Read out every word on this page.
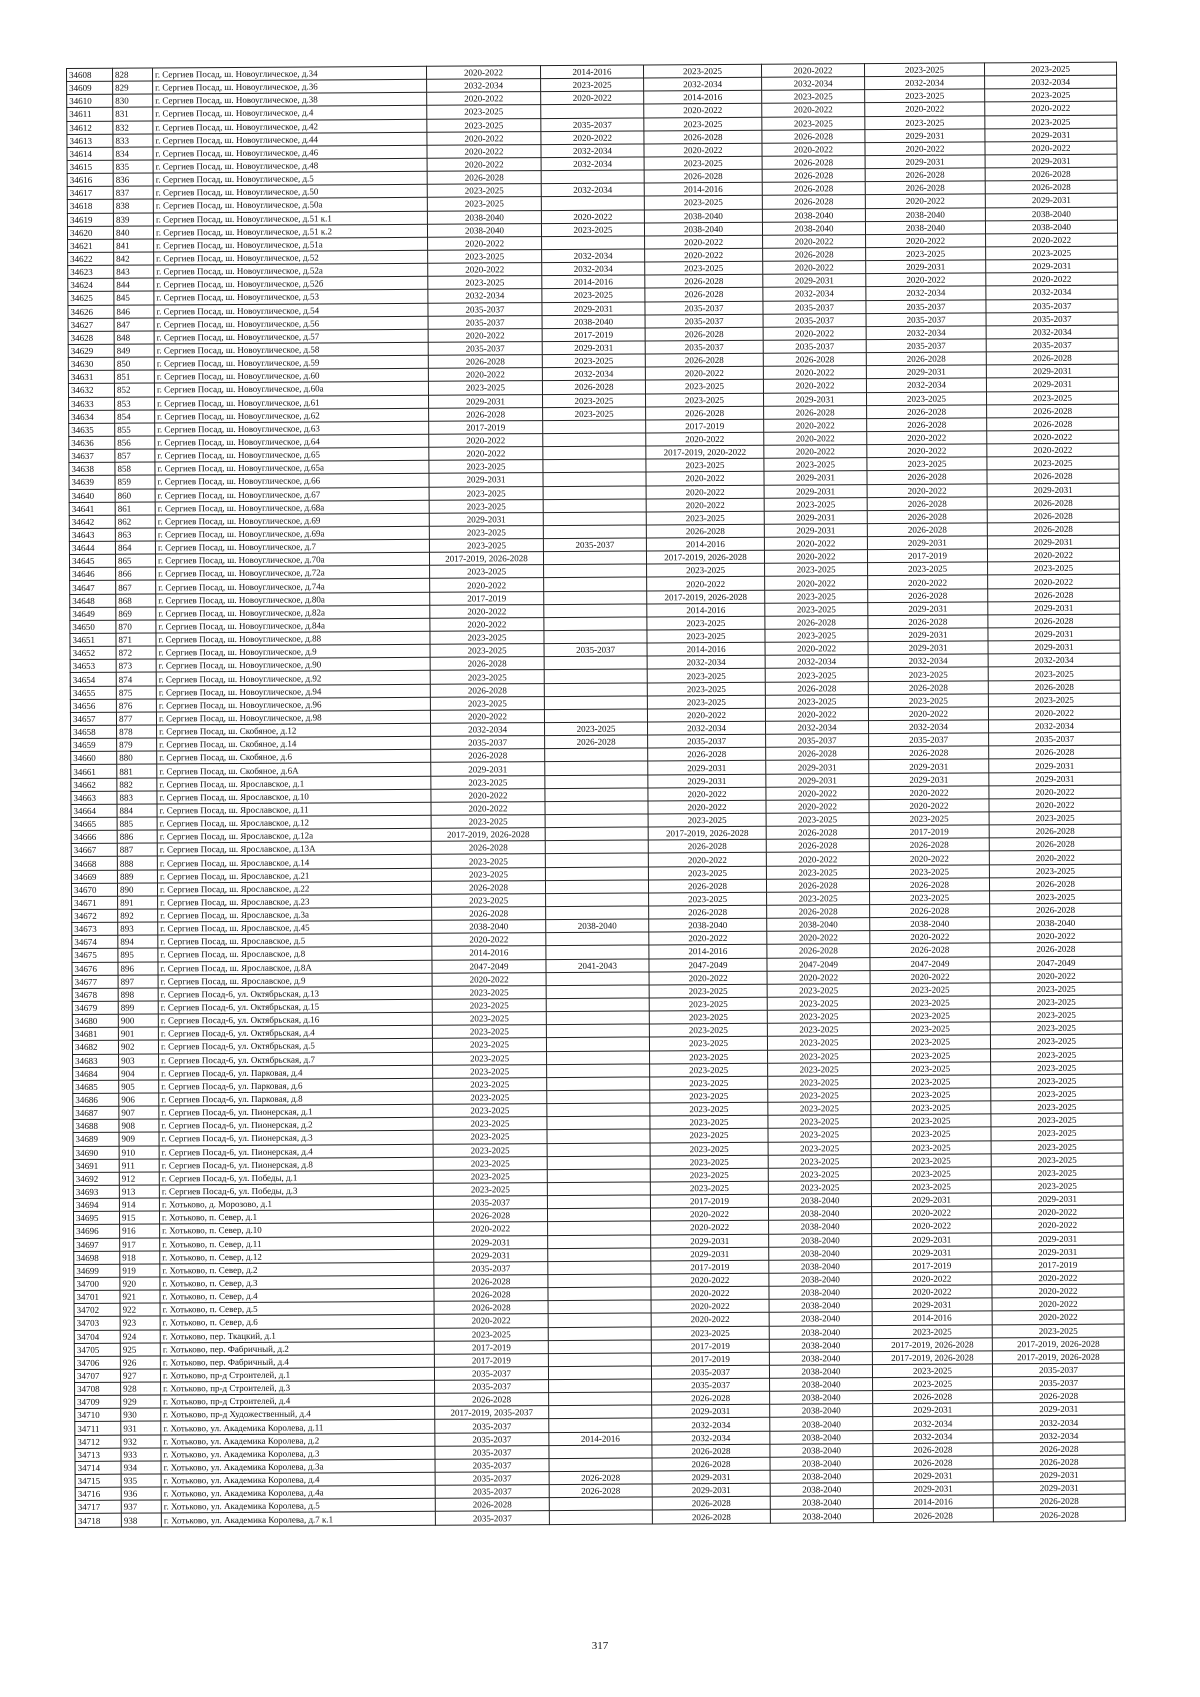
34608	828	г. Сергиев Посад, ш. Новоуглическое, д.34	2020-2022	2014-2016	2023-2025	2020-2022	2023-2025	2023-2025
34609	829	г. Сергиев Посад, ш. Новоуглическое, д.36	2032-2034	2023-2025	2032-2034	2032-2034	2032-2034	2032-2034
34610	830	г. Сергиев Посад, ш. Новоуглическое, д.38	2020-2022	2020-2022	2014-2016	2023-2025	2023-2025	2023-2025
34611	831	г. Сергиев Посад, ш. Новоуглическое, д.4	2023-2025		2020-2022	2020-2022	2020-2022	2020-2022
34612	832	г. Сергиев Посад, ш. Новоуглическое, д.42	2023-2025	2035-2037	2023-2025	2023-2025	2023-2025	2023-2025
34613	833	г. Сергиев Посад, ш. Новоуглическое, д.44	2020-2022	2020-2022	2026-2028	2026-2028	2029-2031	2029-2031
34614	834	г. Сергиев Посад, ш. Новоуглическое, д.46	2020-2022	2032-2034	2020-2022	2020-2022	2020-2022	2020-2022
34615	835	г. Сергиев Посад, ш. Новоуглическое, д.48	2020-2022	2032-2034	2023-2025	2026-2028	2029-2031	2029-2031
34616	836	г. Сергиев Посад, ш. Новоуглическое, д.5	2026-2028		2026-2028	2026-2028	2026-2028	2026-2028
34617	837	г. Сергиев Посад, ш. Новоуглическое, д.50	2023-2025	2032-2034	2014-2016	2026-2028	2026-2028	2026-2028
34618	838	г. Сергиев Посад, ш. Новоуглическое, д.50а	2023-2025		2023-2025	2026-2028	2020-2022	2029-2031
34619	839	г. Сергиев Посад, ш. Новоуглическое, д.51 к.1	2038-2040	2020-2022	2038-2040	2038-2040	2038-2040	2038-2040
34620	840	г. Сергиев Посад, ш. Новоуглическое, д.51 к.2	2038-2040	2023-2025	2038-2040	2038-2040	2038-2040	2038-2040
34621	841	г. Сергиев Посад, ш. Новоуглическое, д.51а	2020-2022		2020-2022	2020-2022	2020-2022	2020-2022
34622	842	г. Сергиев Посад, ш. Новоуглическое, д.52	2023-2025	2032-2034	2020-2022	2026-2028	2023-2025	2023-2025
34623	843	г. Сергиев Посад, ш. Новоуглическое, д.52а	2020-2022	2032-2034	2023-2025	2020-2022	2029-2031	2029-2031
34624	844	г. Сергиев Посад, ш. Новоуглическое, д.52б	2023-2025	2014-2016	2026-2028	2029-2031	2020-2022	2020-2022
34625	845	г. Сергиев Посад, ш. Новоуглическое, д.53	2032-2034	2023-2025	2026-2028	2032-2034	2032-2034	2032-2034
34626	846	г. Сергиев Посад, ш. Новоуглическое, д.54	2035-2037	2029-2031	2035-2037	2035-2037	2035-2037	2035-2037
34627	847	г. Сергиев Посад, ш. Новоуглическое, д.56	2035-2037	2038-2040	2035-2037	2035-2037	2035-2037	2035-2037
34628	848	г. Сергиев Посад, ш. Новоуглическое, д.57	2020-2022	2017-2019	2026-2028	2020-2022	2032-2034	2032-2034
34629	849	г. Сергиев Посад, ш. Новоуглическое, д.58	2035-2037	2029-2031	2035-2037	2035-2037	2035-2037	2035-2037
34630	850	г. Сергиев Посад, ш. Новоуглическое, д.59	2026-2028	2023-2025	2026-2028	2026-2028	2026-2028	2026-2028
34631	851	г. Сергиев Посад, ш. Новоуглическое, д.60	2020-2022	2032-2034	2020-2022	2020-2022	2029-2031	2029-2031
34632	852	г. Сергиев Посад, ш. Новоуглическое, д.60а	2023-2025	2026-2028	2023-2025	2020-2022	2032-2034	2029-2031
34633	853	г. Сергиев Посад, ш. Новоуглическое, д.61	2029-2031	2023-2025	2023-2025	2029-2031	2023-2025	2023-2025
34634	854	г. Сергиев Посад, ш. Новоуглическое, д.62	2026-2028	2023-2025	2026-2028	2026-2028	2026-2028	2026-2028
34635	855	г. Сергиев Посад, ш. Новоуглическое, д.63	2017-2019		2017-2019	2020-2022	2026-2028	2026-2028
34636	856	г. Сергиев Посад, ш. Новоуглическое, д.64	2020-2022		2020-2022	2020-2022	2020-2022	2020-2022
34637	857	г. Сергиев Посад, ш. Новоуглическое, д.65	2020-2022		2017-2019, 2020-2022	2020-2022	2020-2022	2020-2022
34638	858	г. Сергиев Посад, ш. Новоуглическое, д.65а	2023-2025		2023-2025	2023-2025	2023-2025	2023-2025
34639	859	г. Сергиев Посад, ш. Новоуглическое, д.66	2029-2031		2020-2022	2029-2031	2026-2028	2026-2028
34640	860	г. Сергиев Посад, ш. Новоуглическое, д.67	2023-2025		2020-2022	2029-2031	2020-2022	2029-2031
34641	861	г. Сергиев Посад, ш. Новоуглическое, д.68а	2023-2025		2020-2022	2023-2025	2026-2028	2026-2028
34642	862	г. Сергиев Посад, ш. Новоуглическое, д.69	2029-2031		2023-2025	2029-2031	2026-2028	2026-2028
34643	863	г. Сергиев Посад, ш. Новоуглическое, д.69а	2023-2025		2026-2028	2029-2031	2026-2028	2026-2028
34644	864	г. Сергиев Посад, ш. Новоуглическое, д.7	2023-2025	2035-2037	2014-2016	2020-2022	2029-2031	2029-2031
34645	865	г. Сергиев Посад, ш. Новоуглическое, д.70а	2017-2019, 2026-2028		2017-2019, 2026-2028	2020-2022	2017-2019	2020-2022
34646	866	г. Сергиев Посад, ш. Новоуглическое, д.72а	2023-2025		2023-2025	2023-2025	2023-2025	2023-2025
34647	867	г. Сергиев Посад, ш. Новоуглическое, д.74а	2020-2022		2020-2022	2020-2022	2020-2022	2020-2022
34648	868	г. Сергиев Посад, ш. Новоуглическое, д.80а	2017-2019		2017-2019, 2026-2028	2023-2025	2026-2028	2026-2028
34649	869	г. Сергиев Посад, ш. Новоуглическое, д.82а	2020-2022		2014-2016	2023-2025	2029-2031	2029-2031
34650	870	г. Сергиев Посад, ш. Новоуглическое, д.84а	2020-2022		2023-2025	2026-2028	2026-2028	2026-2028
34651	871	г. Сергиев Посад, ш. Новоуглическое, д.88	2023-2025		2023-2025	2023-2025	2029-2031	2029-2031
34652	872	г. Сергиев Посад, ш. Новоуглическое, д.9	2023-2025	2035-2037	2014-2016	2020-2022	2029-2031	2029-2031
34653	873	г. Сергиев Посад, ш. Новоуглическое, д.90	2026-2028		2032-2034	2032-2034	2032-2034	2032-2034
34654	874	г. Сергиев Посад, ш. Новоуглическое, д.92	2023-2025		2023-2025	2023-2025	2023-2025	2023-2025
34655	875	г. Сергиев Посад, ш. Новоуглическое, д.94	2026-2028		2023-2025	2026-2028	2026-2028	2026-2028
34656	876	г. Сергиев Посад, ш. Новоуглическое, д.96	2023-2025		2023-2025	2023-2025	2023-2025	2023-2025
34657	877	г. Сергиев Посад, ш. Новоуглическое, д.98	2020-2022		2020-2022	2020-2022	2020-2022	2020-2022
34658	878	г. Сергиев Посад, ш. Скобяное, д.12	2032-2034	2023-2025	2032-2034	2032-2034	2032-2034	2032-2034
34659	879	г. Сергиев Посад, ш. Скобяное, д.14	2035-2037	2026-2028	2035-2037	2035-2037	2035-2037	2035-2037
34660	880	г. Сергиев Посад, ш. Скобяное, д.6	2026-2028		2026-2028	2026-2028	2026-2028	2026-2028
34661	881	г. Сергиев Посад, ш. Скобяное, д.6А	2029-2031		2029-2031	2029-2031	2029-2031	2029-2031
34662	882	г. Сергиев Посад, ш. Ярославское, д.1	2023-2025		2029-2031	2029-2031	2029-2031	2029-2031
34663	883	г. Сергиев Посад, ш. Ярославское, д.10	2020-2022		2020-2022	2020-2022	2020-2022	2020-2022
34664	884	г. Сергиев Посад, ш. Ярославское, д.11	2020-2022		2020-2022	2020-2022	2020-2022	2020-2022
34665	885	г. Сергиев Посад, ш. Ярославское, д.12	2023-2025		2023-2025	2023-2025	2023-2025	2023-2025
34666	886	г. Сергиев Посад, ш. Ярославское, д.12а	2017-2019, 2026-2028		2017-2019, 2026-2028	2026-2028	2017-2019	2026-2028
34667	887	г. Сергиев Посад, ш. Ярославское, д.13А	2026-2028		2026-2028	2026-2028	2026-2028	2026-2028
34668	888	г. Сергиев Посад, ш. Ярославское, д.14	2023-2025		2020-2022	2020-2022	2020-2022	2020-2022
34669	889	г. Сергиев Посад, ш. Ярославское, д.21	2023-2025		2023-2025	2023-2025	2023-2025	2023-2025
34670	890	г. Сергиев Посад, ш. Ярославское, д.22	2026-2028		2026-2028	2026-2028	2026-2028	2026-2028
34671	891	г. Сергиев Посад, ш. Ярославское, д.23	2023-2025		2023-2025	2023-2025	2023-2025	2023-2025
34672	892	г. Сергиев Посад, ш. Ярославское, д.3а	2026-2028		2026-2028	2026-2028	2026-2028	2026-2028
34673	893	г. Сергиев Посад, ш. Ярославское, д.45	2038-2040	2038-2040	2038-2040	2038-2040	2038-2040	2038-2040
34674	894	г. Сергиев Посад, ш. Ярославское, д.5	2020-2022		2020-2022	2020-2022	2020-2022	2020-2022
34675	895	г. Сергиев Посад, ш. Ярославское, д.8	2014-2016		2014-2016	2026-2028	2026-2028	2026-2028
34676	896	г. Сергиев Посад, ш. Ярославское, д.8А	2047-2049	2041-2043	2047-2049	2047-2049	2047-2049	2047-2049
34677	897	г. Сергиев Посад, ш. Ярославское, д.9	2020-2022		2020-2022	2020-2022	2020-2022	2020-2022
34678	898	г. Сергиев Посад-6, ул. Октябрьская, д.13	2023-2025		2023-2025	2023-2025	2023-2025	2023-2025
34679	899	г. Сергиев Посад-6, ул. Октябрьская, д.15	2023-2025		2023-2025	2023-2025	2023-2025	2023-2025
34680	900	г. Сергиев Посад-6, ул. Октябрьская, д.16	2023-2025		2023-2025	2023-2025	2023-2025	2023-2025
34681	901	г. Сергиев Посад-6, ул. Октябрьская, д.4	2023-2025		2023-2025	2023-2025	2023-2025	2023-2025
34682	902	г. Сергиев Посад-6, ул. Октябрьская, д.5	2023-2025		2023-2025	2023-2025	2023-2025	2023-2025
34683	903	г. Сергиев Посад-6, ул. Октябрьская, д.7	2023-2025		2023-2025	2023-2025	2023-2025	2023-2025
34684	904	г. Сергиев Посад-6, ул. Парковая, д.4	2023-2025		2023-2025	2023-2025	2023-2025	2023-2025
34685	905	г. Сергиев Посад-6, ул. Парковая, д.6	2023-2025		2023-2025	2023-2025	2023-2025	2023-2025
34686	906	г. Сергиев Посад-6, ул. Парковая, д.8	2023-2025		2023-2025	2023-2025	2023-2025	2023-2025
34687	907	г. Сергиев Посад-6, ул. Пионерская, д.1	2023-2025		2023-2025	2023-2025	2023-2025	2023-2025
34688	908	г. Сергиев Посад-6, ул. Пионерская, д.2	2023-2025		2023-2025	2023-2025	2023-2025	2023-2025
34689	909	г. Сергиев Посад-6, ул. Пионерская, д.3	2023-2025		2023-2025	2023-2025	2023-2025	2023-2025
34690	910	г. Сергиев Посад-6, ул. Пионерская, д.4	2023-2025		2023-2025	2023-2025	2023-2025	2023-2025
34691	911	г. Сергиев Посад-6, ул. Пионерская, д.8	2023-2025		2023-2025	2023-2025	2023-2025	2023-2025
34692	912	г. Сергиев Посад-6, ул. Победы, д.1	2023-2025		2023-2025	2023-2025	2023-2025	2023-2025
34693	913	г. Сергиев Посад-6, ул. Победы, д.3	2023-2025		2023-2025	2023-2025	2023-2025	2023-2025
34694	914	г. Хотьково, д. Морозово, д.1	2035-2037		2017-2019	2038-2040	2029-2031	2029-2031
34695	915	г. Хотьково, п. Север, д.1	2026-2028		2020-2022	2038-2040	2020-2022	2020-2022
34696	916	г. Хотьково, п. Север, д.10	2020-2022		2020-2022	2038-2040	2020-2022	2020-2022
34697	917	г. Хотьково, п. Север, д.11	2029-2031		2029-2031	2038-2040	2029-2031	2029-2031
34698	918	г. Хотьково, п. Север, д.12	2029-2031		2029-2031	2038-2040	2029-2031	2029-2031
34699	919	г. Хотьково, п. Север, д.2	2035-2037		2017-2019	2038-2040	2017-2019	2017-2019
34700	920	г. Хотьково, п. Север, д.3	2026-2028		2020-2022	2038-2040	2020-2022	2020-2022
34701	921	г. Хотьково, п. Север, д.4	2026-2028		2020-2022	2038-2040	2020-2022	2020-2022
34702	922	г. Хотьково, п. Север, д.5	2026-2028		2020-2022	2038-2040	2029-2031	2020-2022
34703	923	г. Хотьково, п. Север, д.6	2020-2022		2020-2022	2038-2040	2014-2016	2020-2022
34704	924	г. Хотьково, пер. Ткацкий, д.1	2023-2025		2023-2025	2038-2040	2023-2025	2023-2025
34705	925	г. Хотьково, пер. Фабричный, д.2	2017-2019		2017-2019	2038-2040	2017-2019, 2026-2028	2017-2019, 2026-2028
34706	926	г. Хотьково, пер. Фабричный, д.4	2017-2019		2017-2019	2038-2040	2017-2019, 2026-2028	2017-2019, 2026-2028
34707	927	г. Хотьково, пр-д Строителей, д.1	2035-2037		2035-2037	2038-2040	2023-2025	2035-2037
34708	928	г. Хотьково, пр-д Строителей, д.3	2035-2037		2035-2037	2038-2040	2023-2025	2035-2037
34709	929	г. Хотьково, пр-д Строителей, д.4	2026-2028		2026-2028	2038-2040	2026-2028	2026-2028
34710	930	г. Хотьково, пр-д Художественный, д.4	2017-2019, 2035-2037		2029-2031	2038-2040	2029-2031	2029-2031
34711	931	г. Хотьково, ул. Академика Королева, д.11	2035-2037		2032-2034	2038-2040	2032-2034	2032-2034
34712	932	г. Хотьково, ул. Академика Королева, д.2	2035-2037	2014-2016	2032-2034	2038-2040	2032-2034	2032-2034
34713	933	г. Хотьково, ул. Академика Королева, д.3	2035-2037		2026-2028	2038-2040	2026-2028	2026-2028
34714	934	г. Хотьково, ул. Академика Королева, д.3а	2035-2037		2026-2028	2038-2040	2026-2028	2026-2028
34715	935	г. Хотьково, ул. Академика Королева, д.4	2035-2037	2026-2028	2029-2031	2038-2040	2029-2031	2029-2031
34716	936	г. Хотьково, ул. Академика Королева, д.4а	2035-2037	2026-2028	2029-2031	2038-2040	2029-2031	2029-2031
34717	937	г. Хотьково, ул. Академика Королева, д.5	2026-2028		2026-2028	2038-2040	2014-2016	2026-2028
34718	938	г. Хотьково, ул. Академика Королева, д.7 к.1	2035-2037		2026-2028	2038-2040	2026-2028	2026-2028
317
